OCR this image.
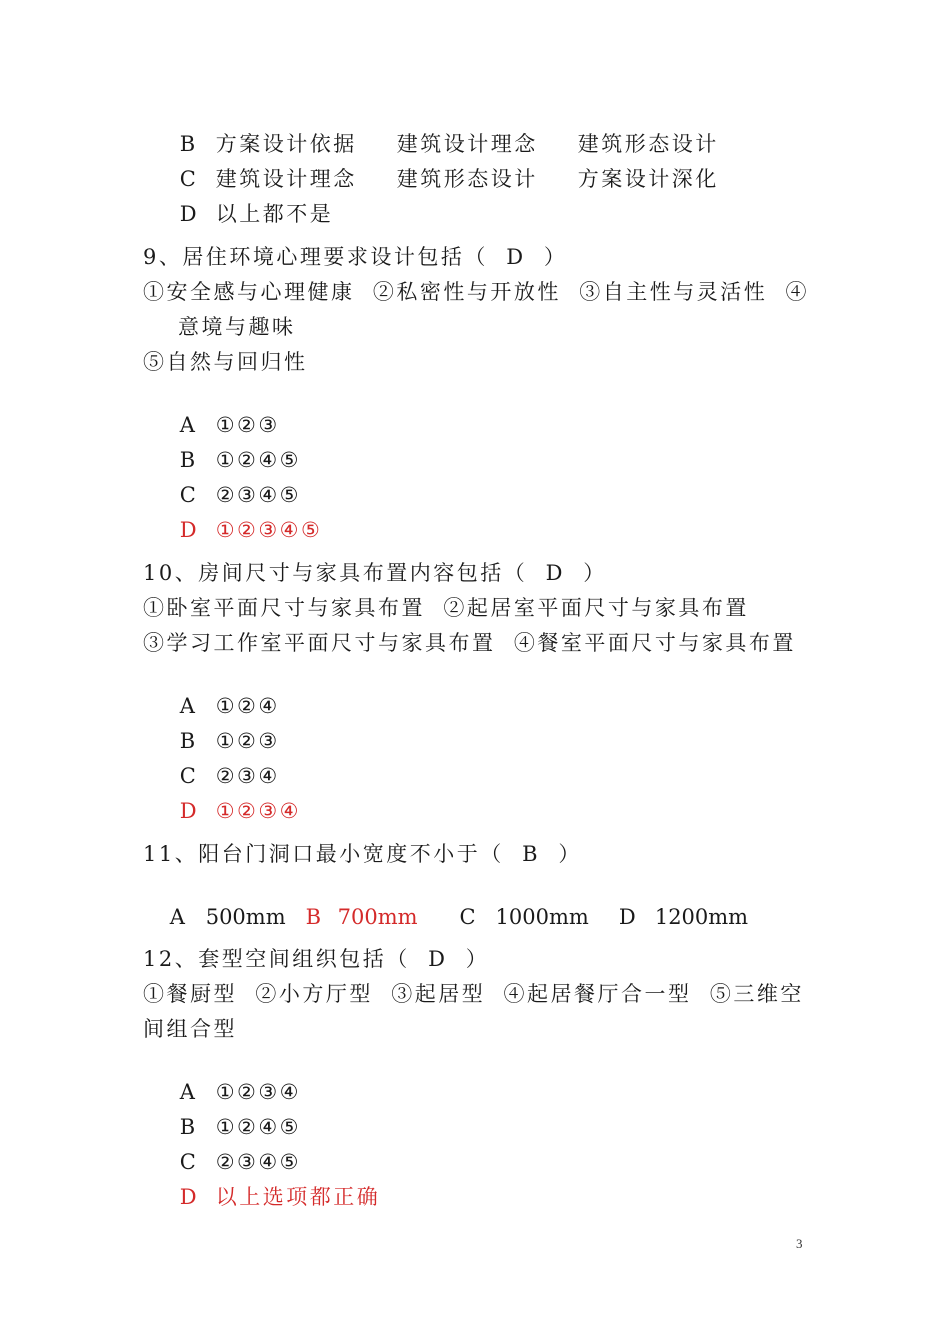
B 方案设计依据 建筑设计理念 建筑形态设计

C 建筑设计理念 建筑形态设计 方案设计深化

D 以上都不是

9、居住环境心理要求设计包括（  D  ）
①安全感与心理健康  ②私密性与开放性  ③自主性与灵活性  ④
意境与趣味
⑤自然与回归性

A ①②③

B ①②④⑤

C ②③④⑤

D ①②③④⑤

10、房间尺寸与家具布置内容包括（  D  ）
①卧室平面尺寸与家具布置  ②起居室平面尺寸与家具布置
③学习工作室平面尺寸与家具布置  ④餐室平面尺寸与家具布置

A ①②④

B ①②③

C ②③④

D ①②③④

11、阳台门洞口最小宽度不小于（  B  ）

A 500mm B 700mm C 1000mm D 1200mm

12、套型空间组织包括（  D  ）
①餐厨型  ②小方厅型  ③起居型  ④起居餐厅合一型  ⑤三维空
间组合型

A ①②③④

B ①②④⑤

C ②③④⑤

D 以上选项都正确

3
